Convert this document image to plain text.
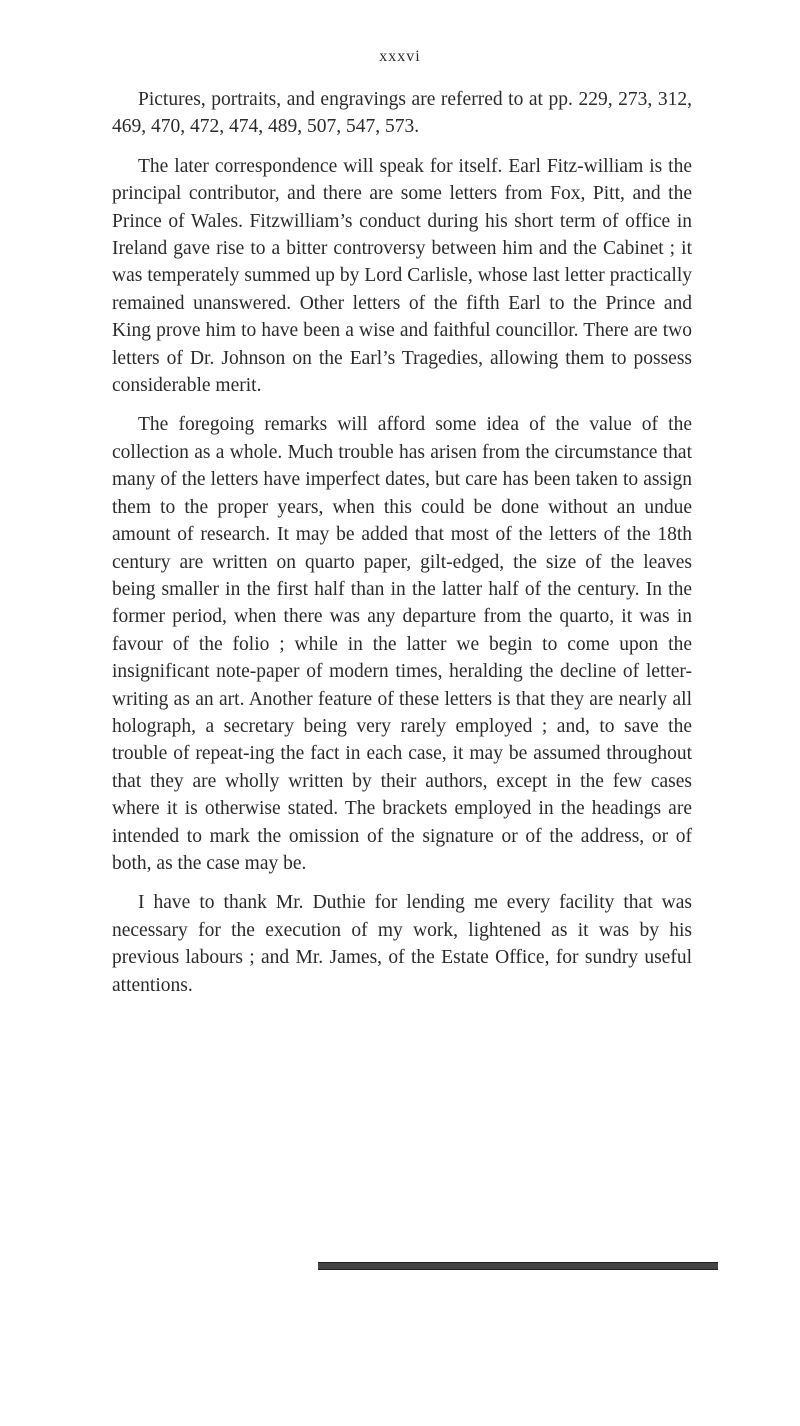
xxxvi

Pictures, portraits, and engravings are referred to at pp. 229, 273, 312, 469, 470, 472, 474, 489, 507, 547, 573.

The later correspondence will speak for itself. Earl Fitz-william is the principal contributor, and there are some letters from Fox, Pitt, and the Prince of Wales. Fitzwilliam’s conduct during his short term of office in Ireland gave rise to a bitter controversy between him and the Cabinet ; it was temperately summed up by Lord Carlisle, whose last letter practically remained unanswered. Other letters of the fifth Earl to the Prince and King prove him to have been a wise and faithful councillor. There are two letters of Dr. Johnson on the Earl’s Tragedies, allowing them to possess considerable merit.

The foregoing remarks will afford some idea of the value of the collection as a whole. Much trouble has arisen from the circumstance that many of the letters have imperfect dates, but care has been taken to assign them to the proper years, when this could be done without an undue amount of research. It may be added that most of the letters of the 18th century are written on quarto paper, gilt-edged, the size of the leaves being smaller in the first half than in the latter half of the century. In the former period, when there was any departure from the quarto, it was in favour of the folio ; while in the latter we begin to come upon the insignificant note-paper of modern times, heralding the decline of letter-writing as an art. Another feature of these letters is that they are nearly all holograph, a secretary being very rarely employed ; and, to save the trouble of repeat-ing the fact in each case, it may be assumed throughout that they are wholly written by their authors, except in the few cases where it is otherwise stated. The brackets employed in the headings are intended to mark the omission of the signature or of the address, or of both, as the case may be.

I have to thank Mr. Duthie for lending me every facility that was necessary for the execution of my work, lightened as it was by his previous labours ; and Mr. James, of the Estate Office, for sundry useful attentions.
